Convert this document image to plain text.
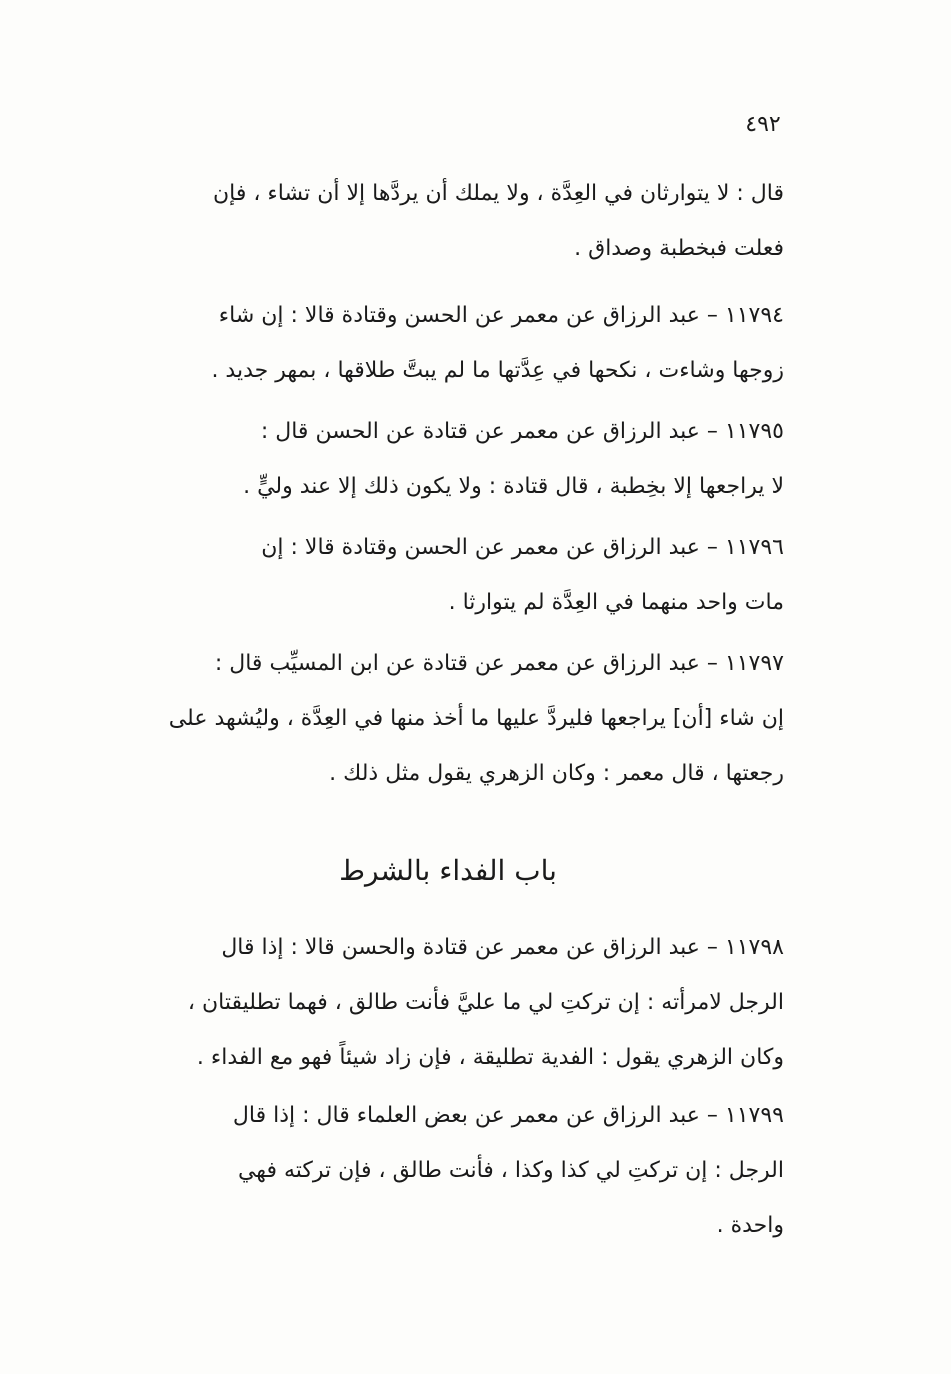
٤٩٢
قال : لا يتوارثان في العِدَّة ، ولا يملك أن يردَّها إلا أن تشاء ، فإن
فعلت فبخطبة وصداق .
١١٧٩٤ – عبد الرزاق عن معمر عن الحسن وقتادة قالا : إن شاء
زوجها وشاءت ، نكحها في عِدَّتها ما لم يبتَّ طلاقها ، بمهر جديد .
١١٧٩٥ – عبد الرزاق عن معمر عن قتادة عن الحسن قال :
لا يراجعها إلا بخِطبة ، قال قتادة : ولا يكون ذلك إلا عند وليٍّ .
١١٧٩٦ – عبد الرزاق عن معمر عن الحسن وقتادة قالا : إن
مات واحد منهما في العِدَّة لم يتوارثا .
١١٧٩٧ – عبد الرزاق عن معمر عن قتادة عن ابن المسيِّب قال :
إن شاء [أن] يراجعها فليردَّ عليها ما أخذ منها في العِدَّة ، وليُشهد على
رجعتها ، قال معمر : وكان الزهري يقول مثل ذلك .
باب الفداء بالشرط
١١٧٩٨ – عبد الرزاق عن معمر عن قتادة والحسن قالا : إذا قال
الرجل لامرأته : إن تركتِ لي ما عليَّ فأنت طالق ، فهما تطليقتان ،
وكان الزهري يقول : الفدية تطليقة ، فإن زاد شيئاً فهو مع الفداء .
١١٧٩٩ – عبد الرزاق عن معمر عن بعض العلماء قال : إذا قال
الرجل : إن تركتِ لي كذا وكذا ، فأنت طالق ، فإن تركته فهي
واحدة .
